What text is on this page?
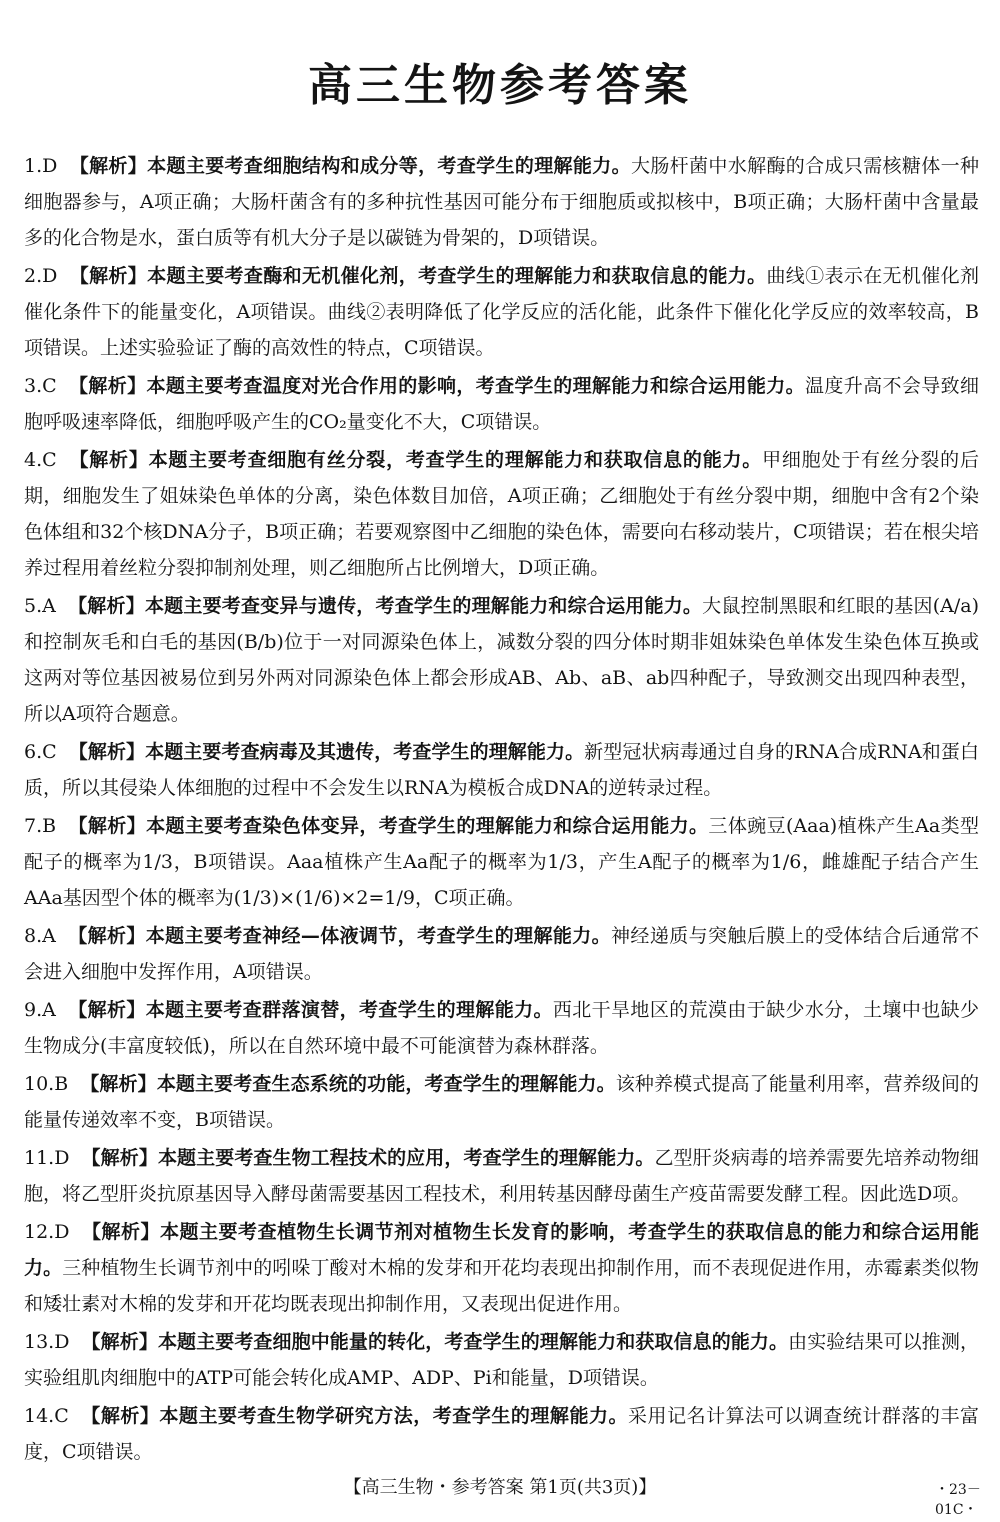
高三生物参考答案
1.D 【解析】本题主要考查细胞结构和成分等，考查学生的理解能力。大肠杆菌中水解酶的合成只需核糖体一种细胞器参与，A项正确；大肠杆菌含有的多种抗性基因可能分布于细胞质或拟核中，B项正确；大肠杆菌中含量最多的化合物是水，蛋白质等有机大分子是以碳链为骨架的，D项错误。
2.D 【解析】本题主要考查酶和无机催化剂，考查学生的理解能力和获取信息的能力。曲线①表示在无机催化剂催化条件下的能量变化，A项错误。曲线②表明降低了化学反应的活化能，此条件下催化化学反应的效率较高，B项错误。上述实验验证了酶的高效性的特点，C项错误。
3.C 【解析】本题主要考查温度对光合作用的影响，考查学生的理解能力和综合运用能力。温度升高不会导致细胞呼吸速率降低，细胞呼吸产生的CO₂量变化不大，C项错误。
4.C 【解析】本题主要考查细胞有丝分裂，考查学生的理解能力和获取信息的能力。甲细胞处于有丝分裂的后期，细胞发生了姐妹染色单体的分离，染色体数目加倍，A项正确；乙细胞处于有丝分裂中期，细胞中含有2个染色体组和32个核DNA分子，B项正确；若要观察图中乙细胞的染色体，需要向右移动装片，C项错误；若在根尖培养过程用着丝粒分裂抑制剂处理，则乙细胞所占比例增大，D项正确。
5.A 【解析】本题主要考查变异与遗传，考查学生的理解能力和综合运用能力。大鼠控制黑眼和红眼的基因(A/a)和控制灰毛和白毛的基因(B/b)位于一对同源染色体上，减数分裂的四分体时期非姐妹染色单体发生染色体互换或这两对等位基因被易位到另外两对同源染色体上都会形成AB、Ab、aB、ab四种配子，导致测交出现四种表型，所以A项符合题意。
6.C 【解析】本题主要考查病毒及其遗传，考查学生的理解能力。新型冠状病毒通过自身的RNA合成RNA和蛋白质，所以其侵染人体细胞的过程中不会发生以RNA为模板合成DNA的逆转录过程。
7.B 【解析】本题主要考查染色体变异，考查学生的理解能力和综合运用能力。三体豌豆(Aaa)植株产生Aa类型配子的概率为1/3，B项错误。Aaa植株产生Aa配子的概率为1/3，产生A配子的概率为1/6，雌雄配子结合产生AAa基因型个体的概率为(1/3)×(1/6)×2=1/9，C项正确。
8.A 【解析】本题主要考查神经—体液调节，考查学生的理解能力。神经递质与突触后膜上的受体结合后通常不会进入细胞中发挥作用，A项错误。
9.A 【解析】本题主要考查群落演替，考查学生的理解能力。西北干旱地区的荒漠由于缺少水分，土壤中也缺少生物成分(丰富度较低)，所以在自然环境中最不可能演替为森林群落。
10.B 【解析】本题主要考查生态系统的功能，考查学生的理解能力。该种养模式提高了能量利用率，营养级间的能量传递效率不变，B项错误。
11.D 【解析】本题主要考查生物工程技术的应用，考查学生的理解能力。乙型肝炎病毒的培养需要先培养动物细胞，将乙型肝炎抗原基因导入酵母菌需要基因工程技术，利用转基因酵母菌生产疫苗需要发酵工程。因此选D项。
12.D 【解析】本题主要考查植物生长调节剂对植物生长发育的影响，考查学生的获取信息的能力和综合运用能力。三种植物生长调节剂中的吲哚丁酸对木棉的发芽和开花均表现出抑制作用，而不表现促进作用，赤霉素类似物和矮壮素对木棉的发芽和开花均既表现出抑制作用，又表现出促进作用。
13.D 【解析】本题主要考查细胞中能量的转化，考查学生的理解能力和获取信息的能力。由实验结果可以推测，实验组肌肉细胞中的ATP可能会转化成AMP、ADP、Pi和能量，D项错误。
14.C 【解析】本题主要考查生物学研究方法，考查学生的理解能力。采用记名计算法可以调查统计群落的丰富度，C项错误。
【高三生物・参考答案 第1页(共3页)】	・23－01C・
